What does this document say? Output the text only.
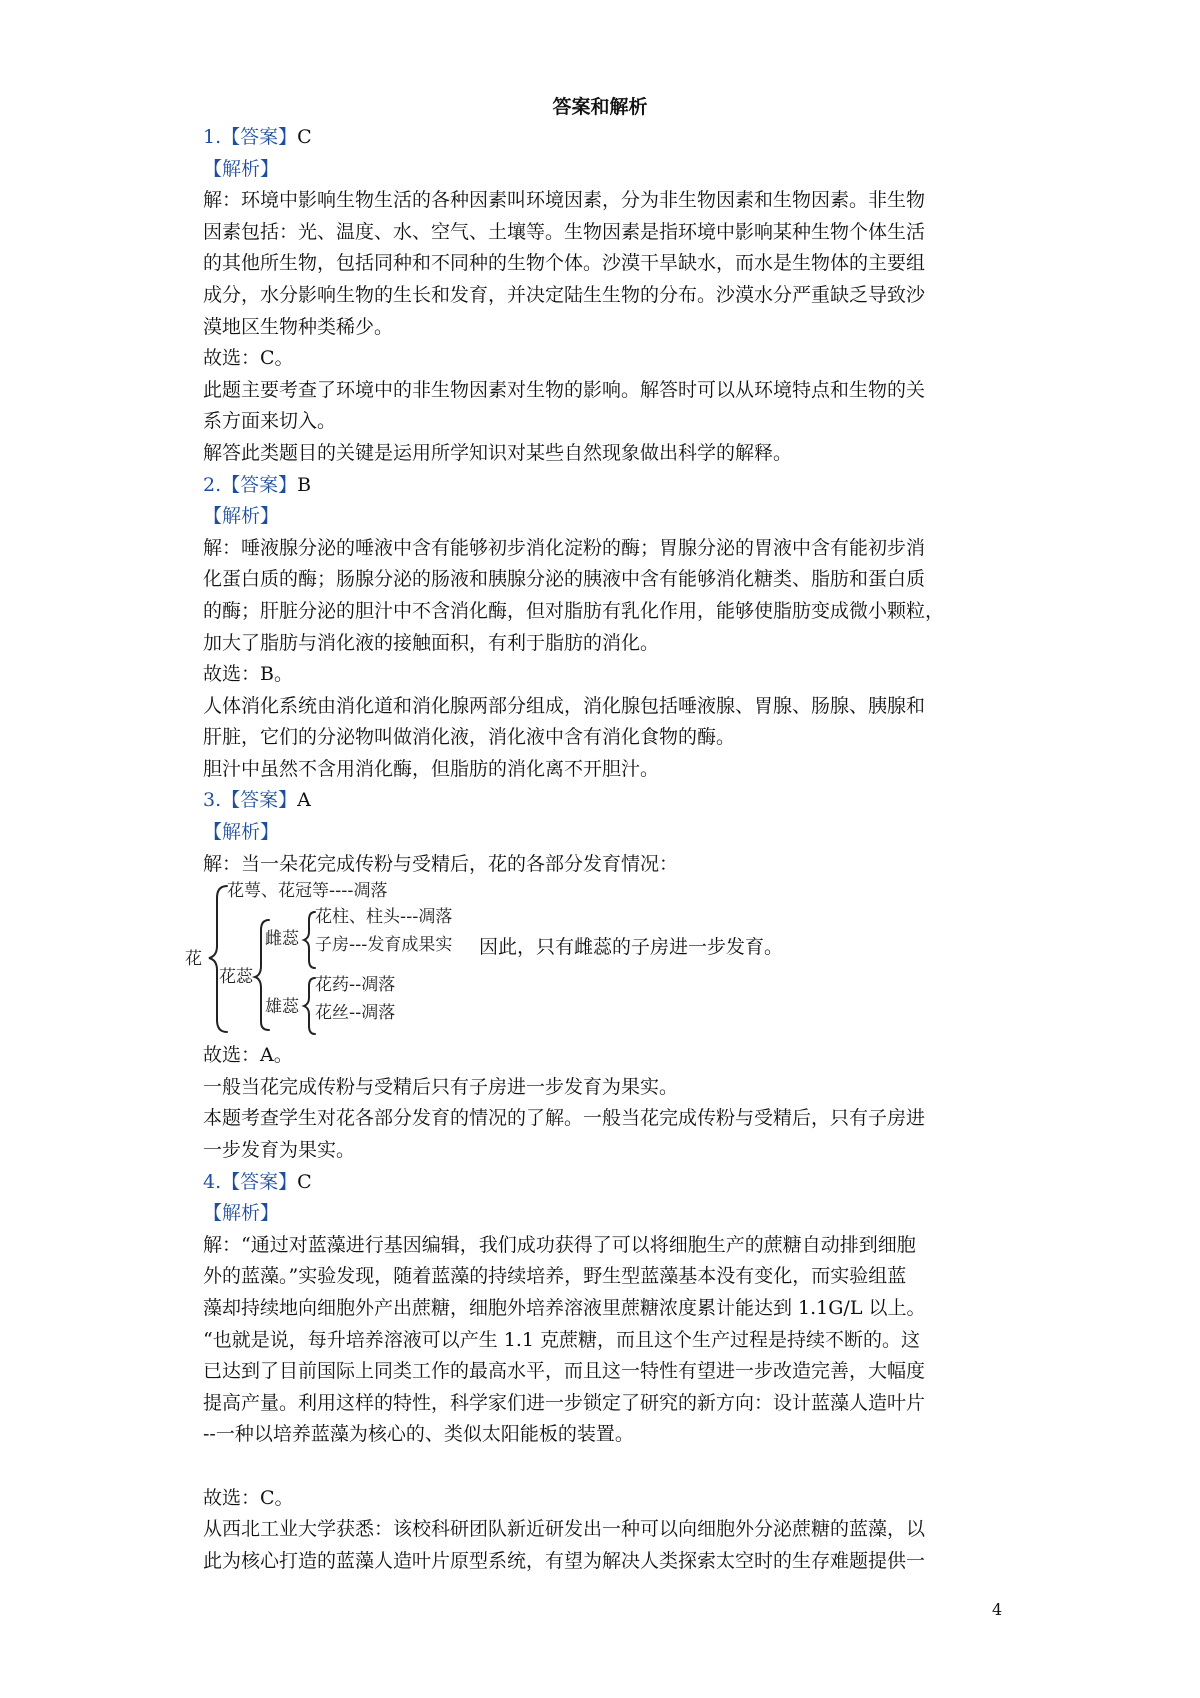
答案和解析
1.【答案】C
【解析】
解：环境中影响生物生活的各种因素叫环境因素，分为非生物因素和生物因素。非生物
因素包括：光、温度、水、空气、土壤等。生物因素是指环境中影响某种生物个体生活
的其他所生物，包括同种和不同种的生物个体。沙漠干旱缺水，而水是生物体的主要组
成分，水分影响生物的生长和发育，并决定陆生生物的分布。沙漠水分严重缺乏导致沙
漠地区生物种类稀少。
故选：C。
此题主要考查了环境中的非生物因素对生物的影响。解答时可以从环境特点和生物的关
系方面来切入。
解答此类题目的关键是运用所学知识对某些自然现象做出科学的解释。
2.【答案】B
【解析】
解：唾液腺分泌的唾液中含有能够初步消化淀粉的酶；胃腺分泌的胃液中含有能初步消
化蛋白质的酶；肠腺分泌的肠液和胰腺分泌的胰液中含有能够消化糖类、脂肪和蛋白质
的酶；肝脏分泌的胆汁中不含消化酶，但对脂肪有乳化作用，能够使脂肪变成微小颗粒，
加大了脂肪与消化液的接触面积，有利于脂肪的消化。
故选：B。
人体消化系统由消化道和消化腺两部分组成，消化腺包括唾液腺、胃腺、肠腺、胰腺和
肝脏，它们的分泌物叫做消化液，消化液中含有消化食物的酶。
胆汁中虽然不含用消化酶，但脂肪的消化离不开胆汁。
3.【答案】A
【解析】
解：当一朵花完成传粉与受精后，花的各部分发育情况：
花
花萼、花冠等----凋落
花蕊
雌蕊
花柱、柱头---凋落
子房---发育成果实
雄蕊
花药--凋落
花丝--凋落
因此，只有雌蕊的子房进一步发育。
故选：A。
一般当花完成传粉与受精后只有子房进一步发育为果实。
本题考查学生对花各部分发育的情况的了解。一般当花完成传粉与受精后，只有子房进
一步发育为果实。
4.【答案】C
【解析】
解：“通过对蓝藻进行基因编辑，我们成功获得了可以将细胞生产的蔗糖自动排到细胞
外的蓝藻。”实验发现，随着蓝藻的持续培养，野生型蓝藻基本没有变化，而实验组蓝
藻却持续地向细胞外产出蔗糖，细胞外培养溶液里蔗糖浓度累计能达到 1.1G/L 以上。
“也就是说，每升培养溶液可以产生 1.1 克蔗糖，而且这个生产过程是持续不断的。这
已达到了目前国际上同类工作的最高水平，而且这一特性有望进一步改造完善，大幅度
提高产量。利用这样的特性，科学家们进一步锁定了研究的新方向：设计蓝藻人造叶片
--一种以培养蓝藻为核心的、类似太阳能板的装置。
故选：C。
从西北工业大学获悉：该校科研团队新近研发出一种可以向细胞外分泌蔗糖的蓝藻，以
此为核心打造的蓝藻人造叶片原型系统，有望为解决人类探索太空时的生存难题提供一
4
